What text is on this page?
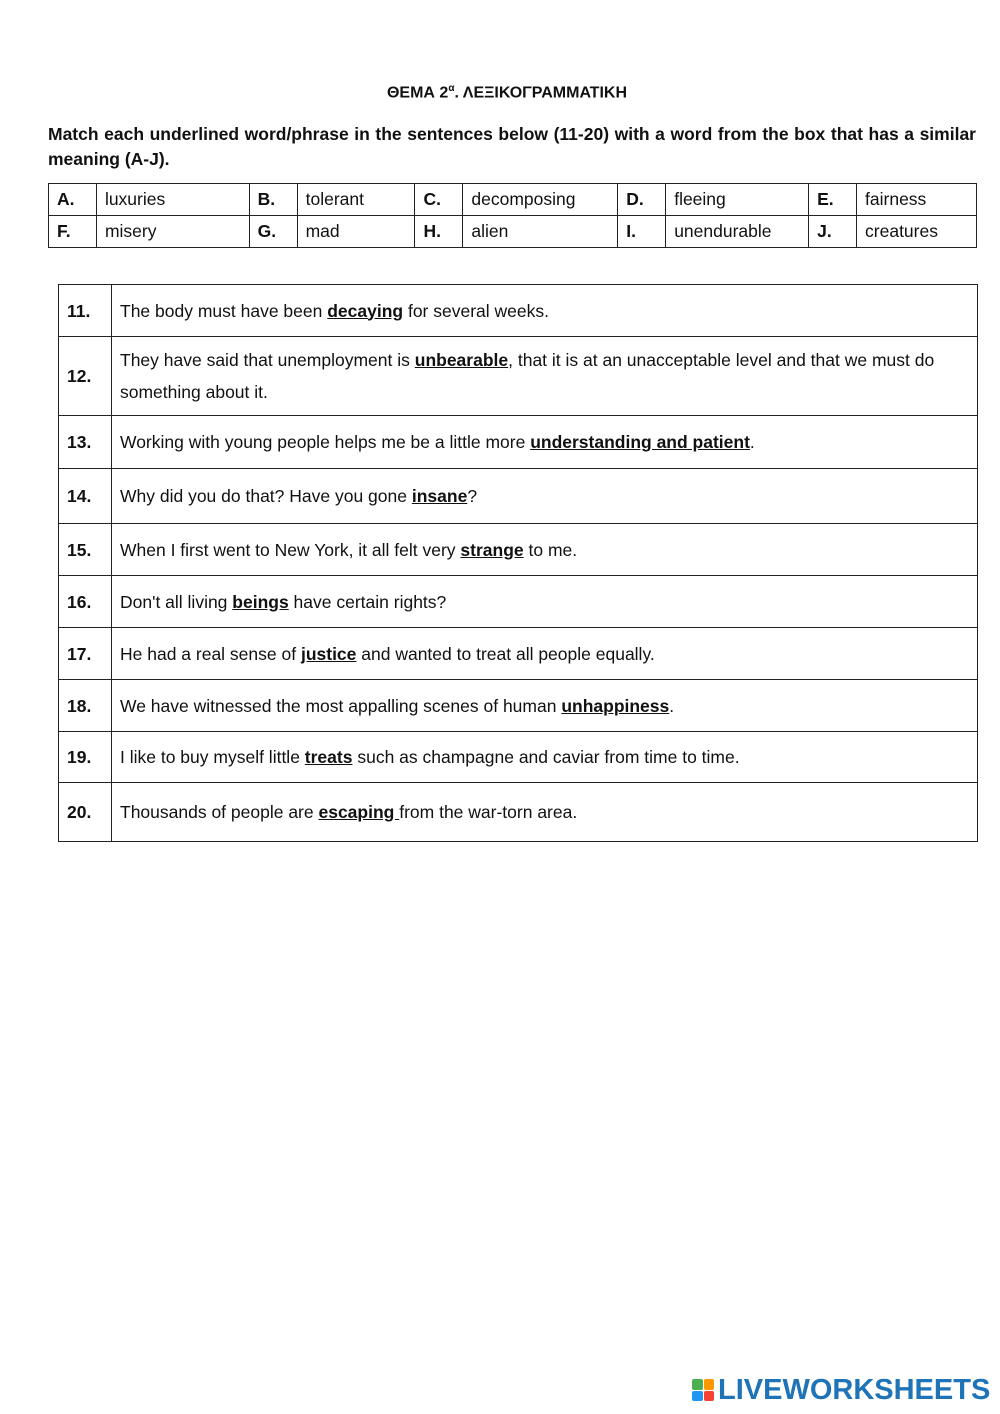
ΘΕΜΑ $2^\alpha$. ΛΕΞΙΚΟΓΡΑΜΜΑΤΙΚΗ
Match each underlined word/phrase in the sentences below (11-20) with a word from the box that has a similar meaning (A-J).
A.	luxuries	B.	tolerant	C.	decomposing	D.	fleeing	E.	fairness
F.	misery	G.	mad	H.	alien	I.	unendurable	J.	creatures
11.	The body must have been decaying for several weeks.
12.	They have said that unemployment is unbearable, that it is at an unacceptable level and that we must do something about it.
13.	Working with young people helps me be a little more understanding and patient.
14.	Why did you do that? Have you gone insane?
15.	When I first went to New York, it all felt very strange to me.
16.	Don't all living beings have certain rights?
17.	He had a real sense of justice and wanted to treat all people equally.
18.	We have witnessed the most appalling scenes of human unhappiness.
19.	I like to buy myself little treats such as champagne and caviar from time to time.
20.	Thousands of people are escaping from the war-torn area.
LIVEWORKSHEETS
